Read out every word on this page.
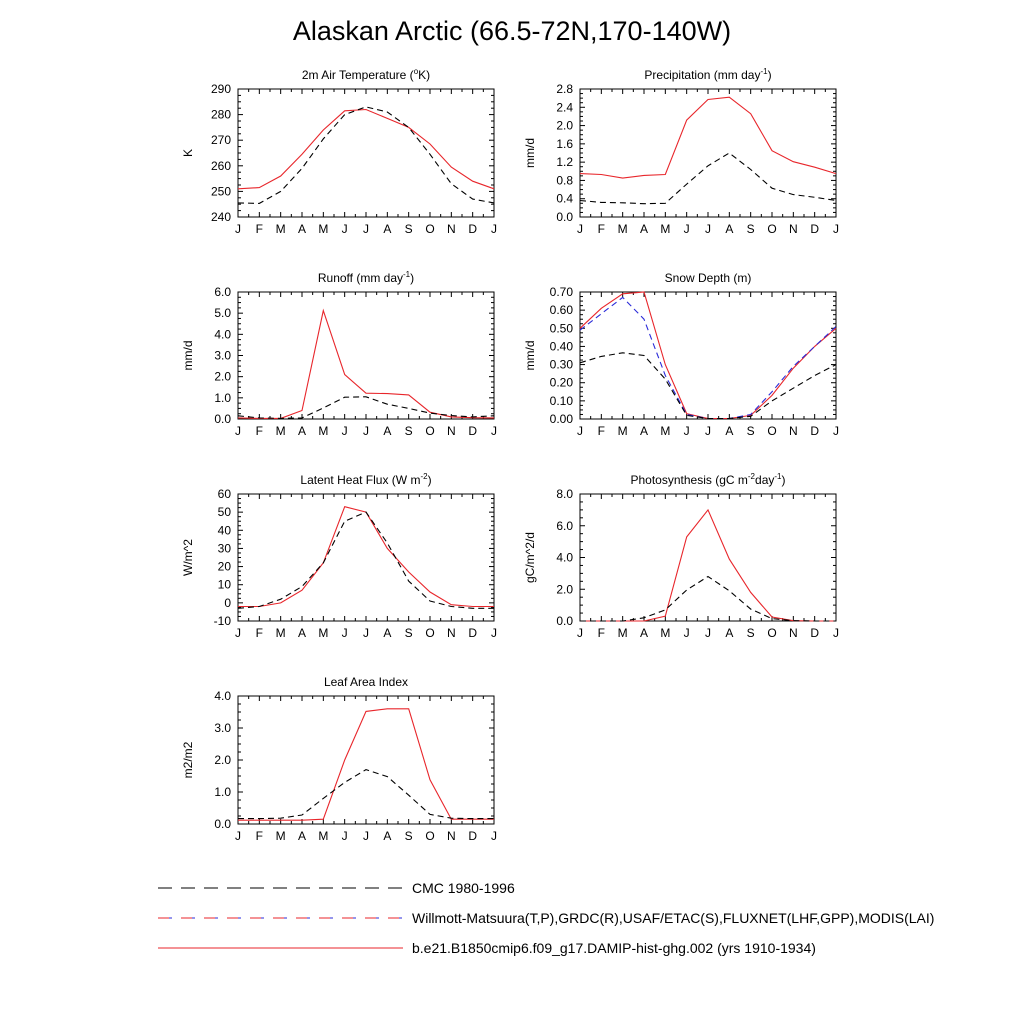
Alaskan Arctic (66.5-72N,170-140W)
2m Air Temperature ($^o$K)
J F M A M J J A S O N D J
240
250
260
270
280
290
K
Precipitation (mm day$^{-1}$)
J F M A M J J A S O N D J
0.0
0.4
0.8
1.2
1.6
2.0
2.4
2.8
mm/d
Runoff (mm day$^{-1}$)
J F M A M J J A S O N D J
0.0
1.0
2.0
3.0
4.0
5.0
6.0
mm/d
Snow Depth (m)
J F M A M J J A S O N D J
0.00
0.10
0.20
0.30
0.40
0.50
0.60
0.70
mm/d
Latent Heat Flux (W $m^{-2}$)
J F M A M J J A S O N D J
-10
0
10
20
30
40
50
60
W/m^2
Photosynthesis (gC $m^{-2}day^{-1}$)
J F M A M J J A S O N D J
0.0
2.0
4.0
6.0
8.0
gC/m^2/d
Leaf Area Index
J F M A M J J A S O N D J
0.0
1.0
2.0
3.0
4.0
m2/m2
CMC 1980-1996
Willmott-Matsuura(T,P),GRDC(R),USAF/ETAC(S),FLUXNET(LHF,GPP),MODIS(LAI)
b.e21.B1850cmip6.f09_g17.DAMIP-hist-ghg.002 (yrs 1910-1934)
